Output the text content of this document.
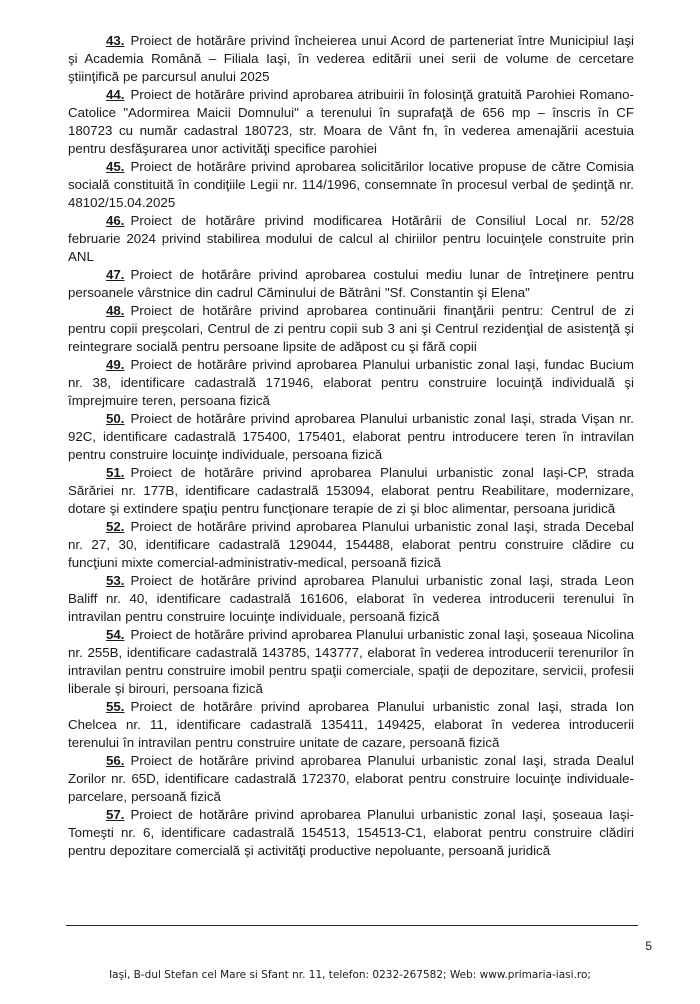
43. Proiect de hotărâre privind încheierea unui Acord de parteneriat între Municipiul Iaşi şi Academia Română – Filiala Iaşi, în vederea editării unei serii de volume de cercetare ştiinţifică pe parcursul anului 2025

44. Proiect de hotărâre privind aprobarea atribuirii în folosinţă gratuită Parohiei Romano-Catolice "Adormirea Maicii Domnului" a terenului în suprafaţă de 656 mp – înscris în CF 180723 cu număr cadastral 180723, str. Moara de Vânt fn, în vederea amenajării acestuia pentru desfăşurarea unor activităţi specifice parohiei

45. Proiect de hotărâre privind aprobarea solicitărilor locative propuse de către Comisia socială constituită în condiţiile Legii nr. 114/1996, consemnate în procesul verbal de şedinţă nr. 48102/15.04.2025

46. Proiect de hotărâre privind modificarea Hotărârii de Consiliul Local nr. 52/28 februarie 2024 privind stabilirea modului de calcul al chiriilor pentru locuinţele construite prin ANL

47. Proiect de hotărâre privind aprobarea costului mediu lunar de întreţinere pentru persoanele vârstnice din cadrul Căminului de Bătrâni "Sf. Constantin şi Elena"

48. Proiect de hotărâre privind aprobarea continuării finanţării pentru: Centrul de zi pentru copii preşcolari, Centrul de zi pentru copii sub 3 ani şi Centrul rezidenţial de asistenţă şi reintegrare socială pentru persoane lipsite de adăpost cu şi fără copii

49. Proiect de hotărâre privind aprobarea Planului urbanistic zonal Iaşi, fundac Bucium nr. 38, identificare cadastrală 171946, elaborat pentru construire locuinţă individuală şi împrejmuire teren, persoana fizică

50. Proiect de hotărâre privind aprobarea Planului urbanistic zonal Iaşi, strada Vişan nr. 92C, identificare cadastrală 175400, 175401, elaborat pentru introducere teren în intravilan pentru construire locuinţe individuale, persoana fizică

51. Proiect de hotărâre privind aprobarea Planului urbanistic zonal Iaşi-CP, strada Sărăriei nr. 177B, identificare cadastrală 153094, elaborat pentru Reabilitare, modernizare, dotare şi extindere spaţiu pentru funcţionare terapie de zi şi bloc alimentar, persoana juridică

52. Proiect de hotărâre privind aprobarea Planului urbanistic zonal Iaşi, strada Decebal nr. 27, 30, identificare cadastrală 129044, 154488, elaborat pentru construire clădire cu funcţiuni mixte comercial-administrativ-medical, persoană fizică

53. Proiect de hotărâre privind aprobarea Planului urbanistic zonal Iaşi, strada Leon Baliff nr. 40, identificare cadastrală 161606, elaborat în vederea introducerii terenului în intravilan pentru construire locuinţe individuale, persoană fizică

54. Proiect de hotărâre privind aprobarea Planului urbanistic zonal Iaşi, şoseaua Nicolina nr. 255B, identificare cadastrală 143785, 143777, elaborat în vederea introducerii terenurilor în intravilan pentru construire imobil pentru spaţii comerciale, spaţii de depozitare, servicii, profesii liberale şi birouri, persoana fizică

55. Proiect de hotărâre privind aprobarea Planului urbanistic zonal Iaşi, strada Ion Chelcea nr. 11, identificare cadastrală 135411, 149425, elaborat în vederea introducerii terenului în intravilan pentru construire unitate de cazare, persoană fizică

56. Proiect de hotărâre privind aprobarea Planului urbanistic zonal Iaşi, strada Dealul Zorilor nr. 65D, identificare cadastrală 172370, elaborat pentru construire locuinţe individuale-parcelare, persoană fizică

57. Proiect de hotărâre privind aprobarea Planului urbanistic zonal Iaşi, şoseaua Iaşi-Tomeşti nr. 6, identificare cadastrală 154513, 154513-C1, elaborat pentru construire clădiri pentru depozitare comercială şi activităţi productive nepoluante, persoană juridică

5
Iaşi, B-dul Stefan cel Mare si Sfant nr. 11, telefon: 0232-267582; Web: www.primaria-iasi.ro;
